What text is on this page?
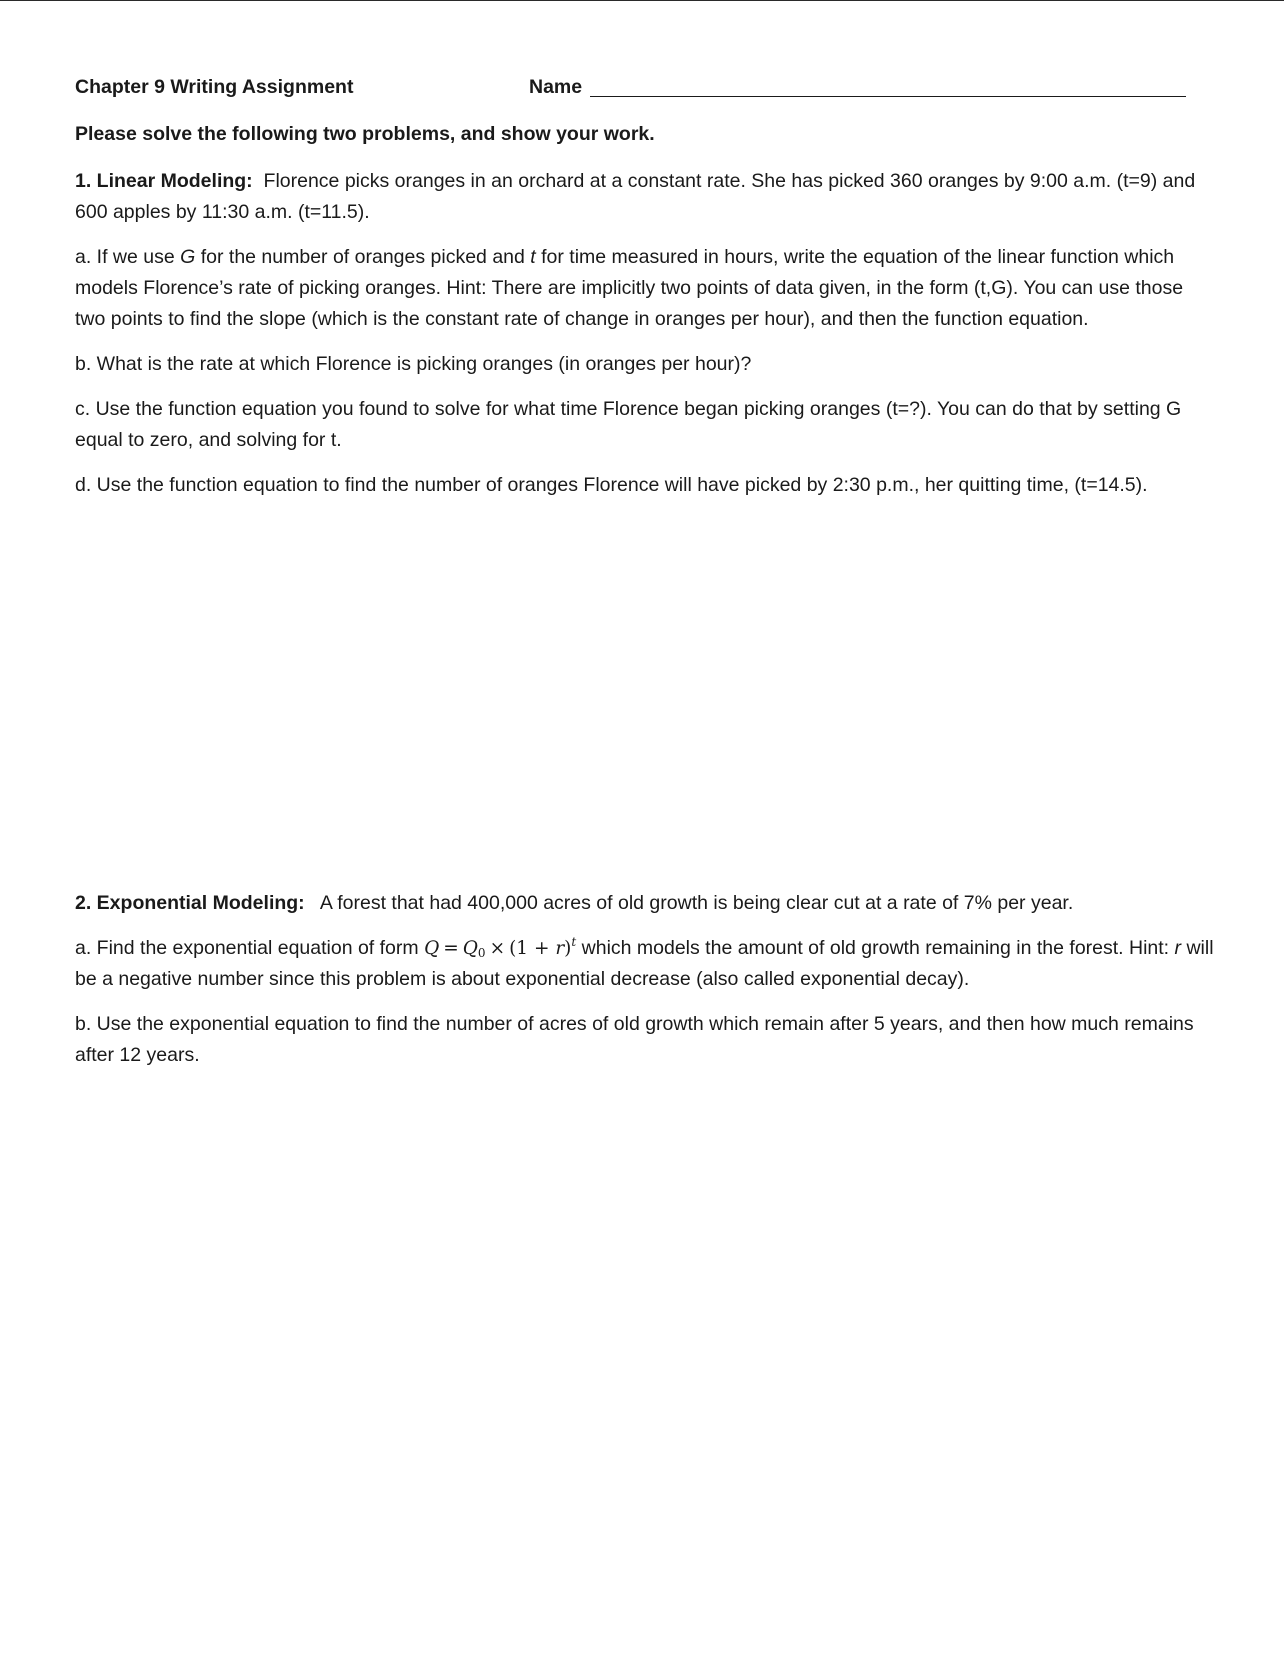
Chapter 9 Writing Assignment	Name

Please solve the following two problems, and show your work.

1. Linear Modeling: Florence picks oranges in an orchard at a constant rate. She has picked 360 oranges by 9:00 a.m. (t=9) and 600 apples by 11:30 a.m. (t=11.5).

a. If we use G for the number of oranges picked and t for time measured in hours, write the equation of the linear function which models Florence’s rate of picking oranges. Hint: There are implicitly two points of data given, in the form (t,G). You can use those two points to find the slope (which is the constant rate of change in oranges per hour), and then the function equation.

b. What is the rate at which Florence is picking oranges (in oranges per hour)?

c. Use the function equation you found to solve for what time Florence began picking oranges (t=?). You can do that by setting G equal to zero, and solving for t.

d. Use the function equation to find the number of oranges Florence will have picked by 2:30 p.m., her quitting time, (t=14.5).

2. Exponential Modeling: A forest that had 400,000 acres of old growth is being clear cut at a rate of 7% per year.

a. Find the exponential equation of form $Q = Q_0 \times (1 + r)^t$ which models the amount of old growth remaining in the forest. Hint: r will be a negative number since this problem is about exponential decrease (also called exponential decay).

b. Use the exponential equation to find the number of acres of old growth which remain after 5 years, and then how much remains after 12 years.
